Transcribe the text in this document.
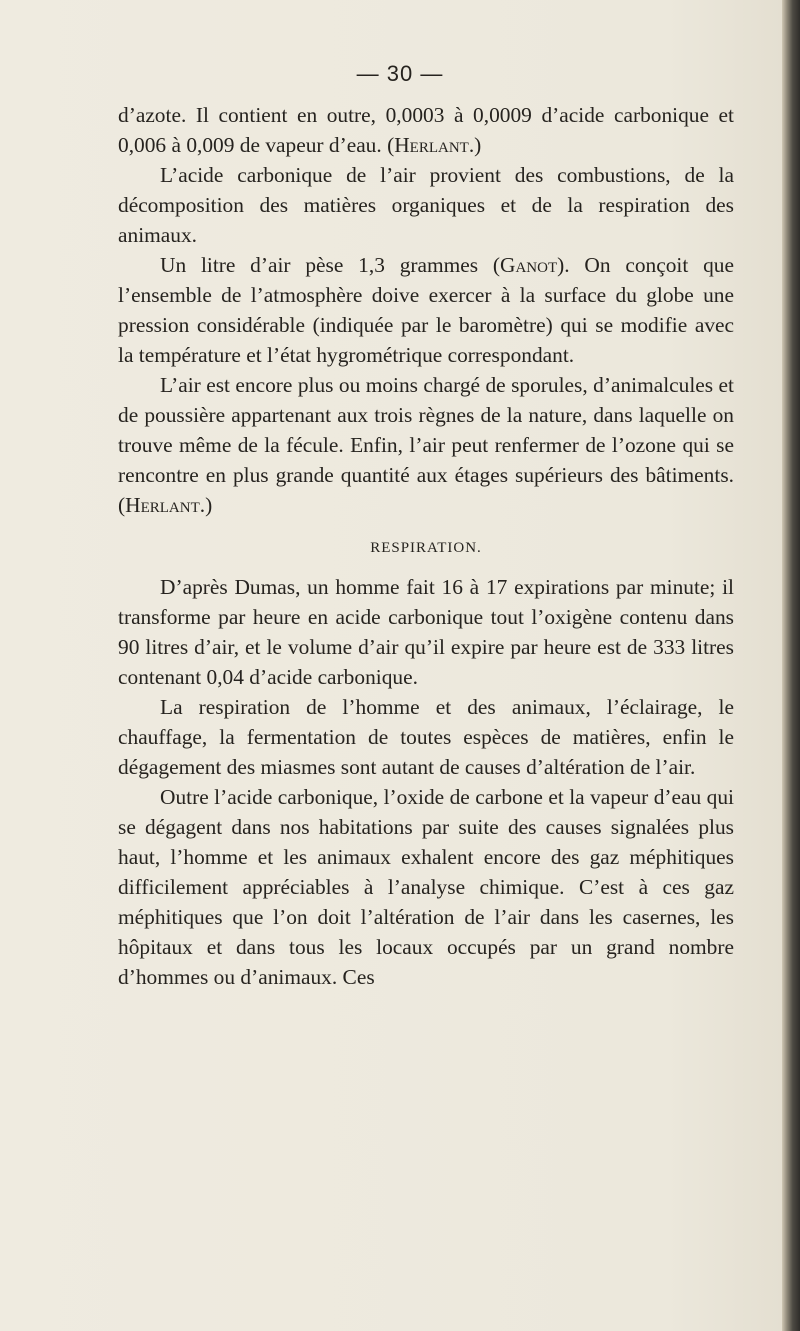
— 30 —

d’azote. Il contient en outre, 0,0003 à 0,0009 d’acide carbonique et 0,006 à 0,009 de vapeur d’eau. (Herlant.)

L’acide carbonique de l’air provient des combustions, de la décomposition des matières organiques et de la respiration des animaux.

Un litre d’air pèse 1,3 grammes (Ganot). On conçoit que l’ensemble de l’atmosphère doive exercer à la surface du globe une pression considérable (indiquée par le baromètre) qui se modifie avec la température et l’état hygrométrique correspondant.

L’air est encore plus ou moins chargé de sporules, d’animalcules et de poussière appartenant aux trois règnes de la nature, dans laquelle on trouve même de la fécule. Enfin, l’air peut renfermer de l’ozone qui se rencontre en plus grande quantité aux étages supérieurs des bâtiments. (Herlant.)

RESPIRATION.

D’après Dumas, un homme fait 16 à 17 expirations par minute; il transforme par heure en acide carbonique tout l’oxigène contenu dans 90 litres d’air, et le volume d’air qu’il expire par heure est de 333 litres contenant 0,04 d’acide carbonique.

La respiration de l’homme et des animaux, l’éclairage, le chauffage, la fermentation de toutes espèces de matières, enfin le dégagement des miasmes sont autant de causes d’altération de l’air.

Outre l’acide carbonique, l’oxide de carbone et la vapeur d’eau qui se dégagent dans nos habitations par suite des causes signalées plus haut, l’homme et les animaux exhalent encore des gaz méphitiques difficilement appréciables à l’analyse chimique. C’est à ces gaz méphitiques que l’on doit l’altération de l’air dans les casernes, les hôpitaux et dans tous les locaux occupés par un grand nombre d’hommes ou d’animaux. Ces
